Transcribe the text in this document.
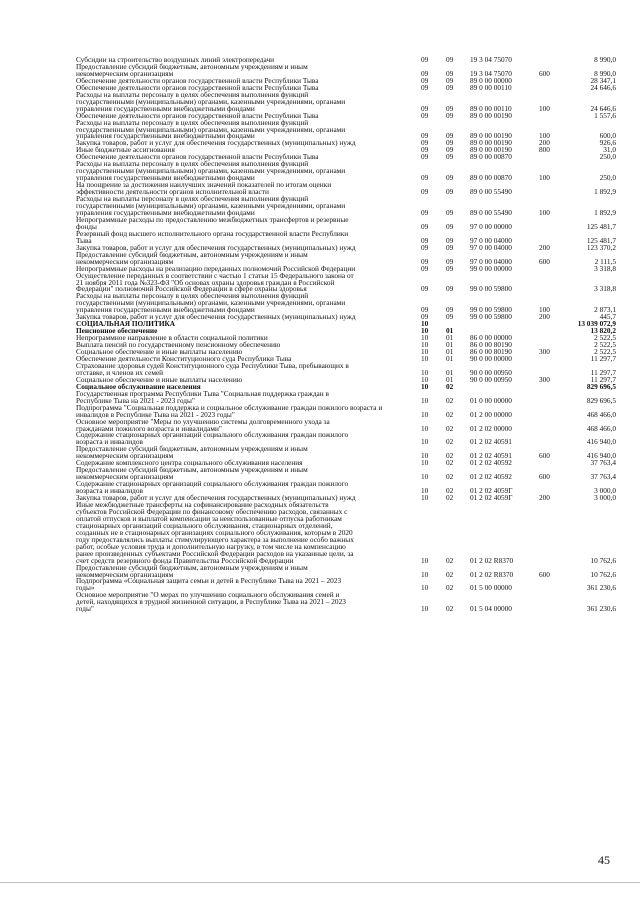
Субсидии на строительство воздушных линий электропередачи	09 09 19 3 04 75070	8 990,0
Предоставление субсидий бюджетным, автономным учреждениям и иным
некоммерческим организациям	09 09 19 3 04 75070	600	8 990,0
Обеспечение деятельности органов государственной власти Республики Тыва	09 09 89 0 00 00000	28 347,1
Обеспечение деятельности органов государственной власти Республики Тыва	09 09 89 0 00 00110	24 646,6
Расходы на выплаты персоналу в целях обеспечения выполнения функций
государственными (муниципальными) органами, казенными учреждениями, органами
управления государственными внебюджетными фондами	09 09 89 0 00 00110	100	24 646,6
Обеспечение деятельности органов государственной власти Республики Тыва	09 09 89 0 00 00190	1 557,6
Расходы на выплаты персоналу в целях обеспечения выполнения функций
государственными (муниципальными) органами, казенными учреждениями, органами
управления государственными внебюджетными фондами	09 09 89 0 00 00190	100	600,0
Закупка товаров, работ и услуг для обеспечения государственных (муниципальных) нужд	09 09 89 0 00 00190	200	926,6
Иные бюджетные ассигнования	09 09 89 0 00 00190	800	31,0
Обеспечение деятельности органов государственной власти Республики Тыва	09 09 89 0 00 00870	250,0
Расходы на выплаты персоналу в целях обеспечения выполнения функций
государственными (муниципальными) органами, казенными учреждениями, органами
управления государственными внебюджетными фондами	09 09 89 0 00 00870	100	250,0
На поощрение за достижения наилучших значений показателей по итогам оценки
эффективности деятельности органов исполнительной власти	09 09 89 0 00 55490	1 892,9
Расходы на выплаты персоналу в целях обеспечения выполнения функций
государственными (муниципальными) органами, казенными учреждениями, органами
управления государственными внебюджетными фондами	09 09 89 0 00 55490	100	1 892,9
Непрограммные расходы по предоставлению межбюджетных трансфертов и резервные
фонды	09 09 97 0 00 00000	125 481,7
Резервный фонд высшего исполнительного органа государственной власти Республики
Тыва	09 09 97 0 00 04000	125 481,7
Закупка товаров, работ и услуг для обеспечения государственных (муниципальных) нужд	09 09 97 0 00 04000	200	123 370,2
Предоставление субсидий бюджетным, автономным учреждениям и иным
некоммерческим организациям	09 09 97 0 00 04000	600	2 111,5
Непрограммные расходы на реализацию переданных полномочий Российской Федерации	09 09 99 0 00 00000	3 318,8
Осуществление переданных в соответствии с частью 1 статьи 15 Федерального закона от
21 ноября 2011 года №323-ФЗ "Об основах охраны здоровья граждан в Российской
Федерации" полномочий Российской Федерации в сфере охраны здоровья	09 09 99 0 00 59800	3 318,8
Расходы на выплаты персоналу в целях обеспечения выполнения функций
государственными (муниципальными) органами, казенными учреждениями, органами
управления государственными внебюджетными фондами	09 09 99 0 00 59800	100	2 873,1
Закупка товаров, работ и услуг для обеспечения государственных (муниципальных) нужд	09 09 99 0 00 59800	200	445,7
СОЦИАЛЬНАЯ ПОЛИТИКА	10	13 039 072,9
Пенсионное обеспечение	10 01	13 820,2
Непрограммное направление в области социальной политики	10 01 86 0 00 00000	2 522,5
Выплата пенсий по государственному пенсионному обеспечению	10 01 86 0 00 80190	2 522,5
Социальное обеспечение и иные выплаты населению	10 01 86 0 00 80190	300	2 522,5
Обеспечение деятельности Конституционного суда Республики Тыва	10 01 90 0 00 00000	11 297,7
Страхование здоровья судей Конституционного суда Республики Тыва, пребывающих в
отставке, и членов их семей	10 01 90 0 00 00950	11 297,7
Социальное обеспечение и иные выплаты населению	10 01 90 0 00 00950	300	11 297,7
Социальное обслуживание населения	10 02	829 696,5
Государственная программа Республики Тыва "Социальная поддержка граждан в
Республике Тыва на 2021 - 2023 годы"	10 02 01 0 00 00000	829 696,5
Подпрограмма "Социальная поддержка и социальное обслуживание граждан пожилого возраста и
инвалидов в Республике Тыва на 2021 - 2023 годы"	10 02 01 2 00 00000	468 466,0
Основное мероприятие "Меры по улучшению системы долговременного ухода за
гражданами пожилого возраста и инвалидами"	10 02 01 2 02 00000	468 466,0
Содержание стационарных организаций социального обслуживания граждан пожилого
возраста и инвалидов	10 02 01 2 02 40591	416 940,0
Предоставление субсидий бюджетным, автономным учреждениям и иным
некоммерческим организациям	10 02 01 2 02 40591	600	416 940,0
Содержание комплексного центра социального обслуживания населения	10 02 01 2 02 40592	37 763,4
Предоставление субсидий бюджетным, автономным учреждениям и иным
некоммерческим организациям	10 02 01 2 02 40592	600	37 763,4
Содержание стационарных организаций социального обслуживания граждан пожилого
возраста и инвалидов	10 02 01 2 02 4059Г	3 000,0
Закупка товаров, работ и услуг для обеспечения государственных (муниципальных) нужд	10 02 01 2 02 4059Г	200	3 000,0
Иные межбюджетные трансферты на софинансирование расходных обязательств
субъектов Российской Федерации по финансовому обеспечению расходов, связанных с
оплатой отпусков и выплатой компенсации за неиспользованные отпуска работникам
стационарных организаций социального обслуживания, стационарных отделений,
созданных не в стационарных организациях социального обслуживания, которым в 2020
году предоставлялись выплаты стимулирующего характера за выполнение особо важных
работ, особые условия труда и дополнительную нагрузку, в том числе на компенсацию
ранее произведенных субъектами Российской Федерации расходов на указанные цели, за
счет средств резервного фонда Правительства Российской Федерации	10 02 01 2 02 R8370	10 762,6
Предоставление субсидий бюджетным, автономным учреждениям и иным
некоммерческим организациям	10 02 01 2 02 R8370	600	10 762,6
Подпрограмма «Социальная защита семьи и детей в Республике Тыва на 2021 – 2023
годы»	10 02 01 5 00 00000	361 230,6
Основное мероприятие "О мерах по улучшению социального обслуживания семей и
детей, находящихся в трудной жизненной ситуации, в Республике Тыва на 2021 – 2023
годы"	10 02 01 5 04 00000	361 230,6
45
